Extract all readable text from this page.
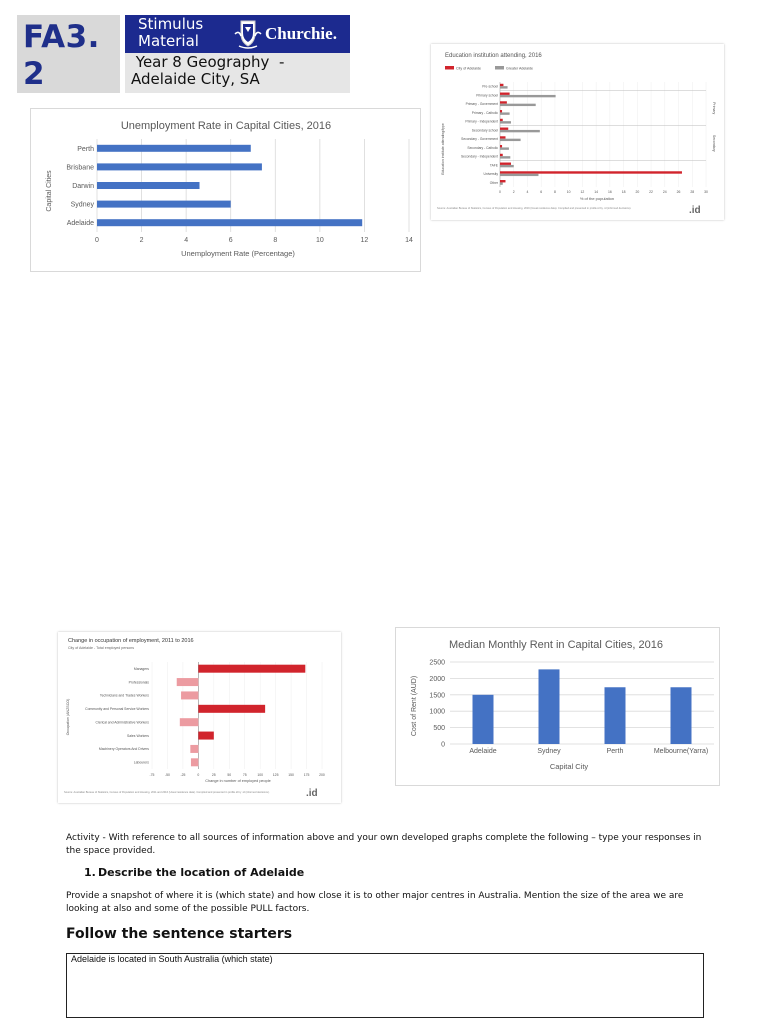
FA3.
2
Stimulus
Material	Churchie.
Year 8 Geography  -
Adelaide City, SA
Unemployment Rate in Capital Cities, 2016
Capital Cities
Unemployment Rate (Percentage)
0	2	4	6	8	10	12	14
Perth
Brisbane
Darwin
Sydney
Adelaide
Education institution attending, 2016
Education institute attending/type
% of the population
Source: Australian Bureau of Statistics, Census of Population and Housing, 2016 (Usual residence data). Compiled and presented in profile.id by .id (informed decisions).	.id
City of Adelaide	Greater Adelaide
0	2	4	6	8	10	12	14	16	18	20	22	24	26	28	30
Pre-school
Primary school
Primary - Government
Primary - Catholic
Primary - Independent
Secondary school
Secondary - Government
Secondary - Catholic
Secondary - Independent
TAFE
University
Other
Primary
Secondary
Change in occupation of employment, 2011 to 2016
City of Adelaide - Total employed persons
Occupation (ANZSCO)
Change in number of employed people
Source: Australian Bureau of Statistics, Census of Population and Housing, 2011 and 2016 (Usual residence data). Compiled and presented in profile.id by .id (informed decisions).	.id
-75	-50	-25	0	25	50	75	100	125	150	175	200
Managers
Professionals
Technicians and Trades Workers
Community and Personal Service Workers
Clerical and Administrative Workers
Sales Workers
Machinery Operators And Drivers
Labourers
Median Monthly Rent in Capital Cities, 2016
Cost of Rent (AUD)
Capital City
0
500
1000
1500
2000
2500
Adelaide	Sydney	Perth	Melbourne(Yarra)
Activity - With reference to all sources of information above and your own developed graphs complete the following – type your responses in the space provided.
1. Describe the location of Adelaide
Provide a snapshot of where it is (which state) and how close it is to other major centres in Australia. Mention the size of the area we are looking at also and some of the possible PULL factors.
Follow the sentence starters
Adelaide is located in South Australia (which state)
